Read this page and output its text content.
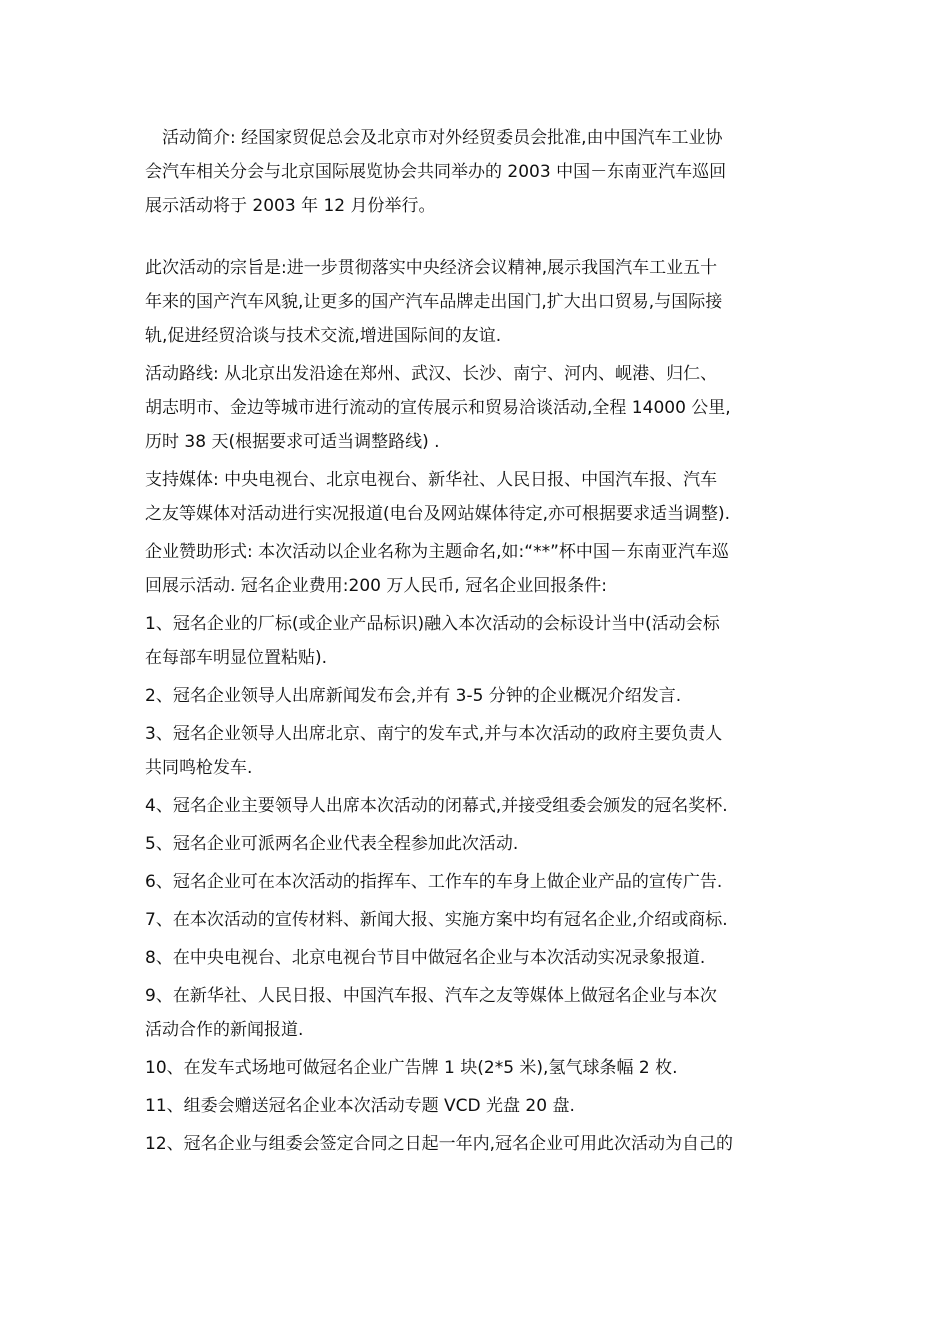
活动简介: 经国家贸促总会及北京市对外经贸委员会批准,由中国汽车工业协
会汽车相关分会与北京国际展览协会共同举办的 2003 中国－东南亚汽车巡回
展示活动将于 2003 年 12 月份举行。

此次活动的宗旨是:进一步贯彻落实中央经济会议精神,展示我国汽车工业五十
年来的国产汽车风貌,让更多的国产汽车品牌走出国门,扩大出口贸易,与国际接
轨,促进经贸洽谈与技术交流,增进国际间的友谊.

活动路线: 从北京出发沿途在郑州、武汉、长沙、南宁、河内、岘港、归仁、
胡志明市、金边等城市进行流动的宣传展示和贸易洽谈活动,全程 14000 公里,
历时 38 天(根据要求可适当调整路线) .

支持媒体: 中央电视台、北京电视台、新华社、人民日报、中国汽车报、汽车
之友等媒体对活动进行实况报道(电台及网站媒体待定,亦可根据要求适当调整).

企业赞助形式: 本次活动以企业名称为主题命名,如:“**”杯中国－东南亚汽车巡
回展示活动. 冠名企业费用:200 万人民币, 冠名企业回报条件:

1、冠名企业的厂标(或企业产品标识)融入本次活动的会标设计当中(活动会标
在每部车明显位置粘贴).

2、冠名企业领导人出席新闻发布会,并有 3-5 分钟的企业概况介绍发言.

3、冠名企业领导人出席北京、南宁的发车式,并与本次活动的政府主要负责人
共同鸣枪发车.

4、冠名企业主要领导人出席本次活动的闭幕式,并接受组委会颁发的冠名奖杯.

5、冠名企业可派两名企业代表全程参加此次活动.

6、冠名企业可在本次活动的指挥车、工作车的车身上做企业产品的宣传广告.

7、在本次活动的宣传材料、新闻大报、实施方案中均有冠名企业,介绍或商标.

8、在中央电视台、北京电视台节目中做冠名企业与本次活动实况录象报道.

9、在新华社、人民日报、中国汽车报、汽车之友等媒体上做冠名企业与本次
活动合作的新闻报道.

10、在发车式场地可做冠名企业广告牌 1 块(2*5 米),氢气球条幅 2 枚.

11、组委会赠送冠名企业本次活动专题 VCD 光盘 20 盘.

12、冠名企业与组委会签定合同之日起一年内,冠名企业可用此次活动为自己的
